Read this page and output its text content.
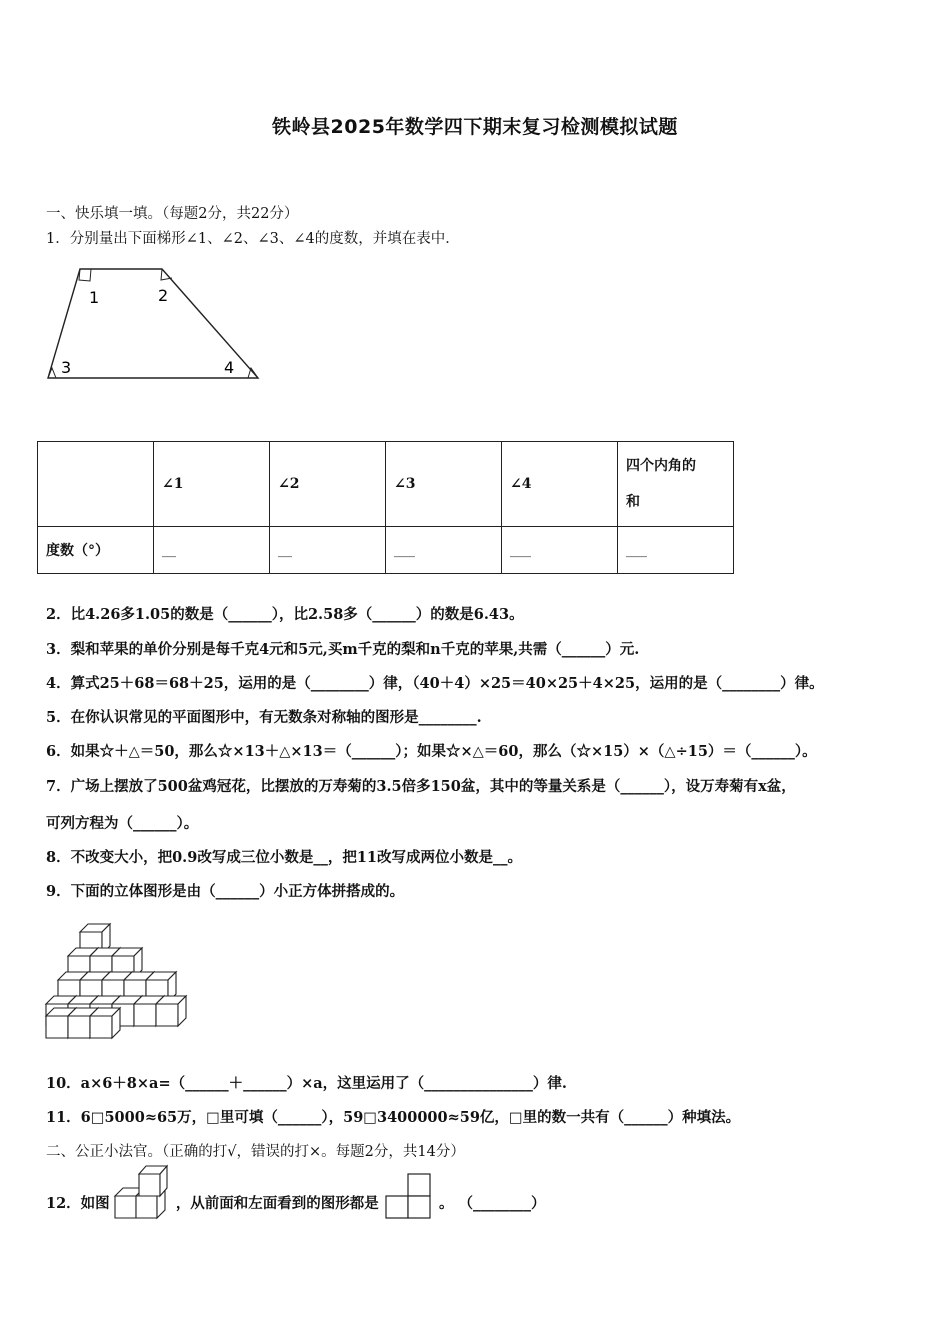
铁岭县2025年数学四下期末复习检测模拟试题
一、快乐填一填。（每题2分，共22分）
1．分别量出下面梯形∠1、∠2、∠3、∠4的度数，并填在表中．
1	2
3	4
	∠1	∠2	∠3	∠4	四个内角的
和
度数（°）	__	__	___	___	___
2．比4.26多1.05的数是（______），比2.58多（______）的数是6.43。
3．梨和苹果的单价分别是每千克4元和5元,买m千克的梨和n千克的苹果,共需（______）元.
4．算式25＋68＝68＋25，运用的是（________）律，（40＋4）×25＝40×25＋4×25，运用的是（________）律。
5．在你认识常见的平面图形中，有无数条对称轴的图形是________.
6．如果☆＋△＝50，那么☆×13＋△×13＝（______）；如果☆×△＝60，那么（☆×15）×（△÷15）＝（______）。
7．广场上摆放了500盆鸡冠花，比摆放的万寿菊的3.5倍多150盆，其中的等量关系是（______），设万寿菊有x盆，
可列方程为（______）。
8．不改变大小，把0.9改写成三位小数是__，把11改写成两位小数是__。
9．下面的立体图形是由（______）小正方体拼搭成的。
10．a×6＋8×a=（______＋______）×a，这里运用了（_______________）律.
11．6□5000≈65万，□里可填（______），59□3400000≈59亿，□里的数一共有（______）种填法。
二、公正小法官。（正确的打√，错误的打×。每题2分，共14分）
12．如图	，从前面和左面看到的图形都是	。 （________）
